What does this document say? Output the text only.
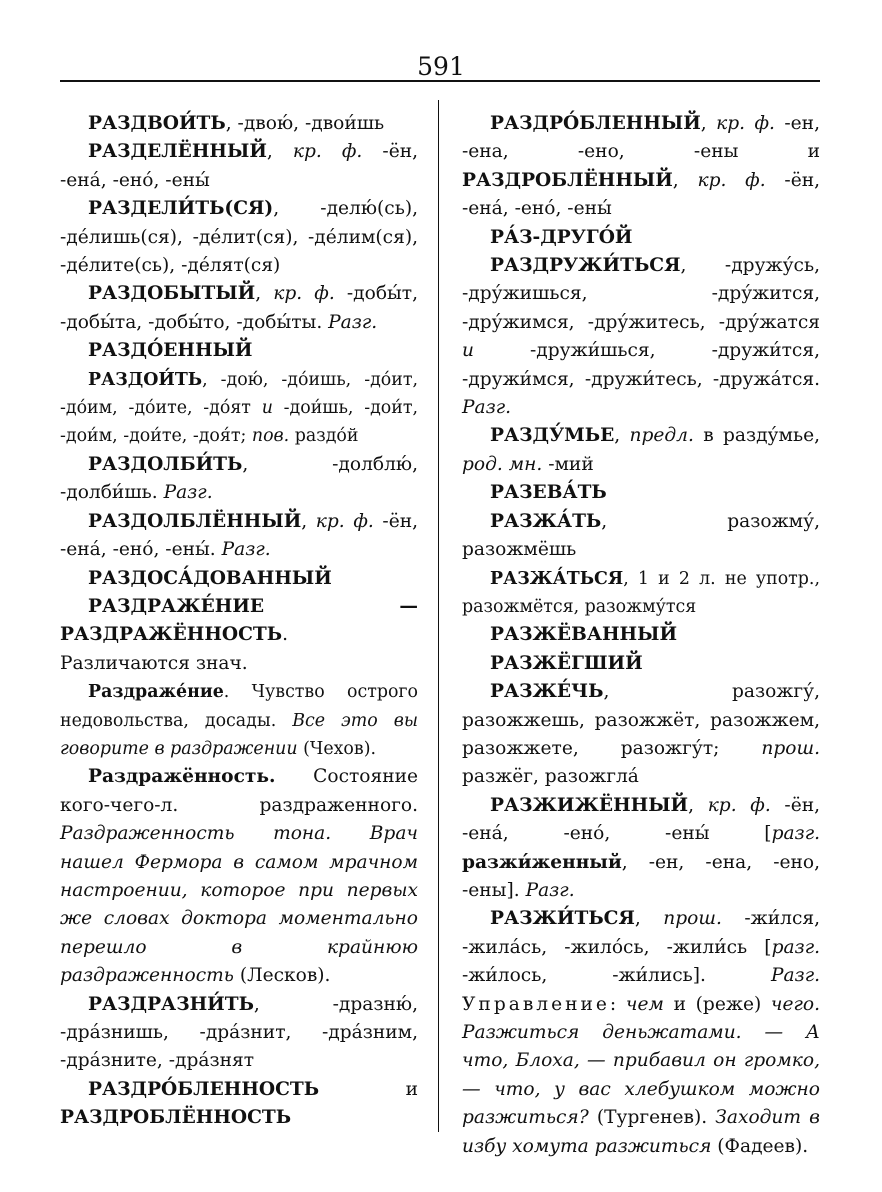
591

РАЗДВОИ́ТЬ, -двою́, -двои́шь

РАЗДЕЛЁННЫЙ, кр. ф. -ён, -ена́, -ено́, -ены́

РАЗДЕЛИ́ТЬ(СЯ), -делю́(сь), -де́лишь(ся), -де́лит(ся), -де́лим(ся), -де́лите(сь), -де́лят(ся)

РАЗДОБЫТЫЙ, кр. ф. -добы́т, -добы́та, -добы́то, -добы́ты. Разг.

РАЗДО́ЕННЫЙ

РАЗДОИ́ТЬ, -дою́, -до́ишь, -до́ит, -до́им, -до́ите, -до́ят и -дои́шь, -дои́т, -дои́м, -дои́те, -доя́т; пов. раздо́й

РАЗДОЛБИ́ТЬ, -долблю́, -долби́шь. Разг.

РАЗДОЛБЛЁННЫЙ, кр. ф. -ён, -ена́, -ено́, -ены́. Разг.

РАЗДОСА́ДОВАННЫЙ

РАЗДРАЖЕ́НИЕ — РАЗДРАЖЁННОСТЬ. Различаются знач.

Раздраже́ние. Чувство острого недовольства, досады. Все это вы говорите в раздражении (Чехов).

Раздражённость. Состояние кого-чего-л. раздраженного. Раздраженность тона. Врач нашел Фермора в самом мрачном настроении, которое при первых же словах доктора моментально перешло в крайнюю раздраженность (Лесков).

РАЗДРАЗНИ́ТЬ, -дразню́, -дра́знишь, -дра́знит, -дра́зним, -дра́зните, -дра́знят

РАЗДРО́БЛЕННОСТЬ и РАЗДРОБЛЁННОСТЬ

РАЗДРО́БЛЕННЫЙ, кр. ф. -ен, -ена, -ено, -ены и РАЗДРОБЛЁННЫЙ, кр. ф. -ён, -ена́, -ено́, -ены́

РА́З-ДРУГО́Й

РАЗДРУЖИ́ТЬСЯ, -дружу́сь, -дру́жишься, -дру́жится, -дру́жимся, -дру́житесь, -дру́жатся и -дружи́шься, -дружи́тся, -дружи́мся, -дружи́тесь, -дружа́тся. Разг.

РАЗДУ́МЬЕ, предл. в разду́мье, род. мн. -мий

РАЗЕВА́ТЬ

РАЗЖА́ТЬ, разожму́, разожмёшь

РАЗЖА́ТЬСЯ, 1 и 2 л. не употр., разожмётся, разожму́тся

РАЗЖЁВАННЫЙ

РАЗЖЁГШИЙ

РАЗЖЕ́ЧЬ, разожгу́, разожжешь, разожжёт, разожжем, разожжете, разожгу́т; прош. разжёг, разожгла́

РАЗЖИЖЁННЫЙ, кр. ф. -ён, -ена́, -ено́, -ены́ [разг. разжи́женный, -ен, -ена, -ено, -ены]. Разг.

РАЗЖИ́ТЬСЯ, прош. -жи́лся, -жила́сь, -жило́сь, -жили́сь [разг. -жи́лось, -жи́лись]. Разг. Управление: чем и (реже) чего. Разжиться деньжатами. — А что, Блоха, — прибавил он громко, — что, у вас хлебушком можно разжиться? (Тургенев). Заходит в избу хомута разжиться (Фадеев).
